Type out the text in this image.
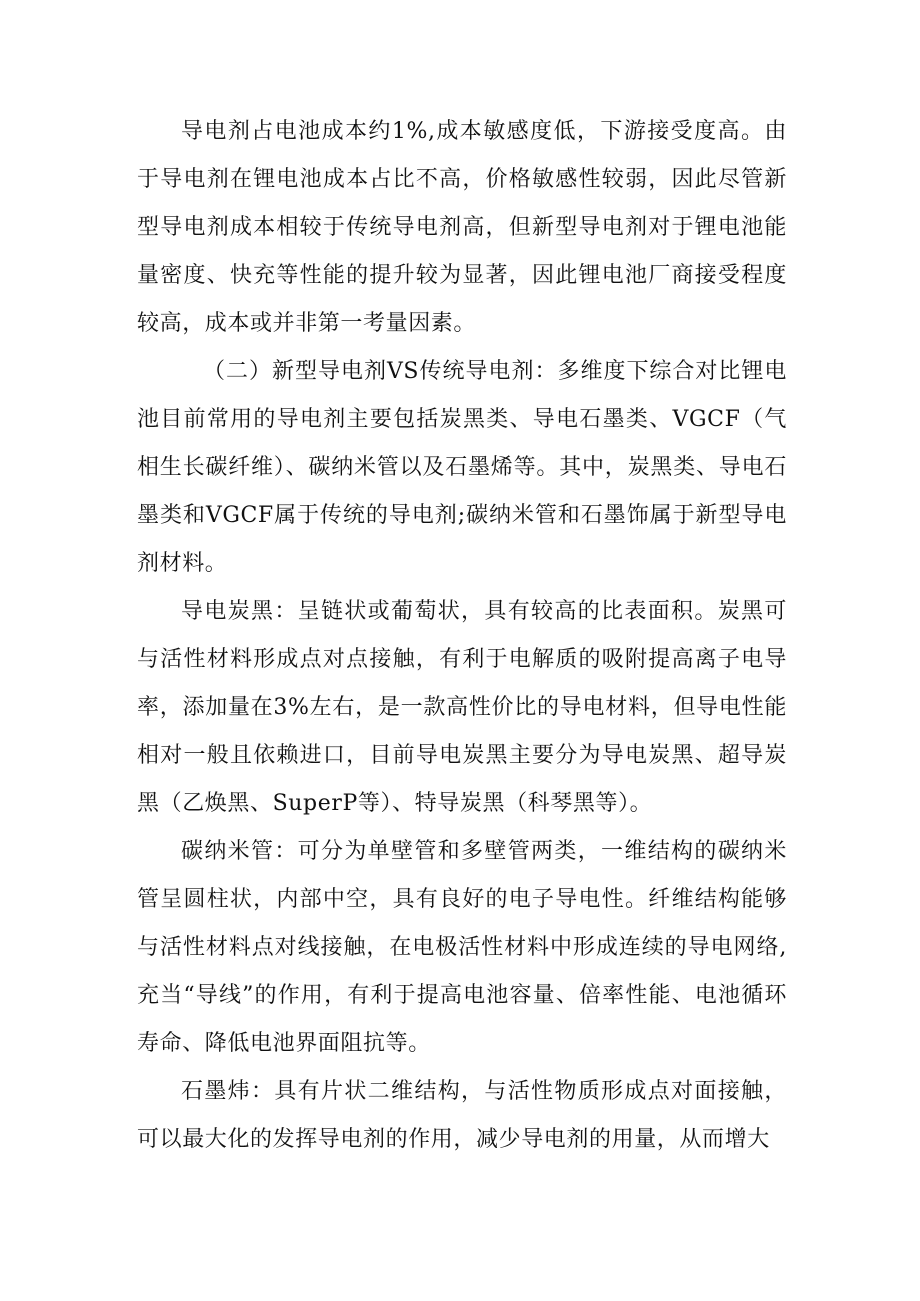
导电剂占电池成本约1%,成本敏感度低，下游接受度高。由于导电剂在锂电池成本占比不高，价格敏感性较弱，因此尽管新型导电剂成本相较于传统导电剂高，但新型导电剂对于锂电池能量密度、快充等性能的提升较为显著，因此锂电池厂商接受程度较高，成本或并非第一考量因素。

（二）新型导电剂VS传统导电剂：多维度下综合对比锂电池目前常用的导电剂主要包括炭黑类、导电石墨类、VGCF（气相生长碳纤维）、碳纳米管以及石墨烯等。其中，炭黑类、导电石墨类和VGCF属于传统的导电剂;碳纳米管和石墨饰属于新型导电剂材料。

导电炭黑：呈链状或葡萄状，具有较高的比表面积。炭黑可与活性材料形成点对点接触，有利于电解质的吸附提高离子电导率，添加量在3%左右，是一款高性价比的导电材料，但导电性能相对一般且依赖进口，目前导电炭黑主要分为导电炭黑、超导炭黑（乙焕黑、SuperP等）、特导炭黑（科琴黑等）。

碳纳米管：可分为单壁管和多壁管两类，一维结构的碳纳米管呈圆柱状，内部中空，具有良好的电子导电性。纤维结构能够与活性材料点对线接触，在电极活性材料中形成连续的导电网络,充当“导线”的作用，有利于提高电池容量、倍率性能、电池循环寿命、降低电池界面阻抗等。

石墨炜：具有片状二维结构，与活性物质形成点对面接触，可以最大化的发挥导电剂的作用，减少导电剂的用量，从而增大
